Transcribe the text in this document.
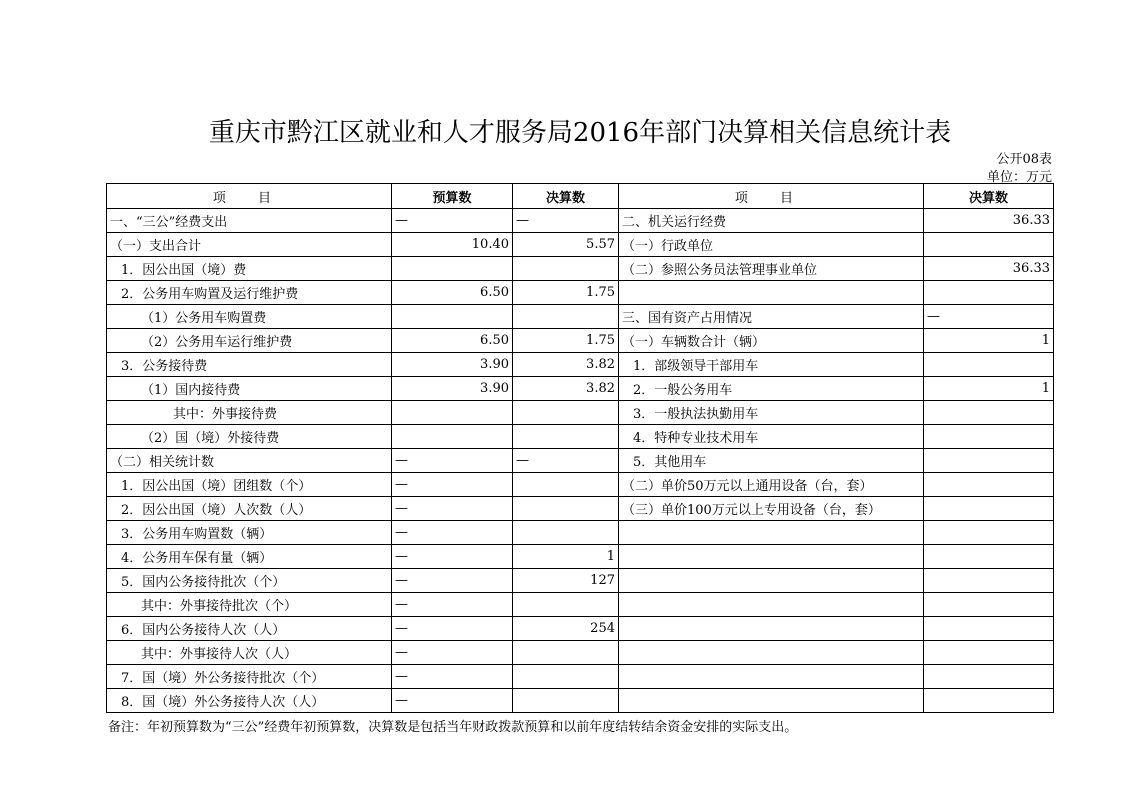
重庆市黔江区就业和人才服务局2016年部门决算相关信息统计表
公开08表
单位：万元
项 目	预算数	决算数	项 目	决算数
一、“三公”经费支出	—	—	二、机关运行经费	36.33
（一）支出合计	10.40	5.57	（一）行政单位	
1．因公出国（境）费			（二）参照公务员法管理事业单位	36.33
2．公务用车购置及运行维护费	6.50	1.75		
（1）公务用车购置费			三、国有资产占用情况	—
（2）公务用车运行维护费	6.50	1.75	（一）车辆数合计（辆）	1
3．公务接待费	3.90	3.82	1．部级领导干部用车	
（1）国内接待费	3.90	3.82	2．一般公务用车	1
其中：外事接待费			3．一般执法执勤用车	
（2）国（境）外接待费			4．特种专业技术用车	
（二）相关统计数	—	—	5．其他用车	
1．因公出国（境）团组数（个）	—		（二）单价50万元以上通用设备（台，套）	
2．因公出国（境）人次数（人）	—		（三）单价100万元以上专用设备（台，套）	
3．公务用车购置数（辆）	—			
4．公务用车保有量（辆）	—	1		
5．国内公务接待批次（个）	—	127		
其中：外事接待批次（个）	—			
6．国内公务接待人次（人）	—	254		
其中：外事接待人次（人）	—			
7．国（境）外公务接待批次（个）	—			
8．国（境）外公务接待人次（人）	—			
备注：年初预算数为“三公”经费年初预算数，决算数是包括当年财政拨款预算和以前年度结转结余资金安排的实际支出。
